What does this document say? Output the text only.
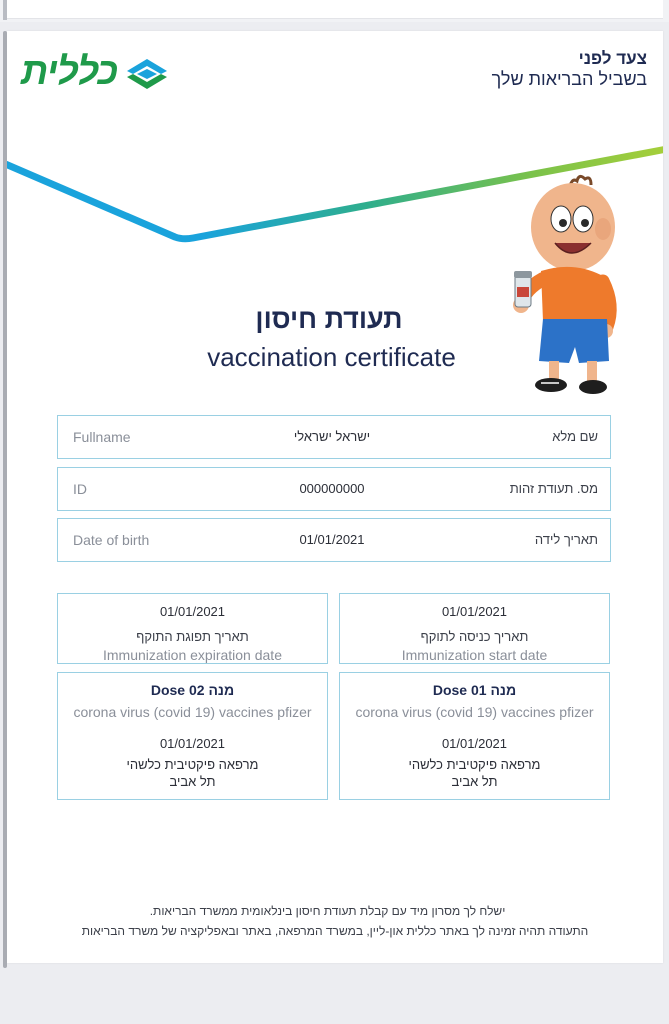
צעד לפני
בשביל הבריאות שלך
כללית
תעודת חיסון
vaccination certificate
Fullname	ישראל ישראלי	שם מלא
ID	000000000	מס. תעודת זהות
Date of birth	01/01/2021	תאריך לידה
01/01/2021
תאריך כניסה לתוקף
Immunization start date
01/01/2021
תאריך תפוגת התוקף
Immunization expiration date
Dose 01 מנה
corona virus (covid 19) vaccines pfizer
01/01/2021
מרפאה פיקטיבית כלשהי
תל אביב
Dose 02 מנה
corona virus (covid 19) vaccines pfizer
01/01/2021
מרפאה פיקטיבית כלשהי
תל אביב
ישלח לך מסרון מיד עם קבלת תעודת חיסון בינלאומית ממשרד הבריאות.
התעודה תהיה זמינה לך באתר כללית און-ליין, במשרד המרפאה, באתר ובאפליקציה של משרד הבריאות
